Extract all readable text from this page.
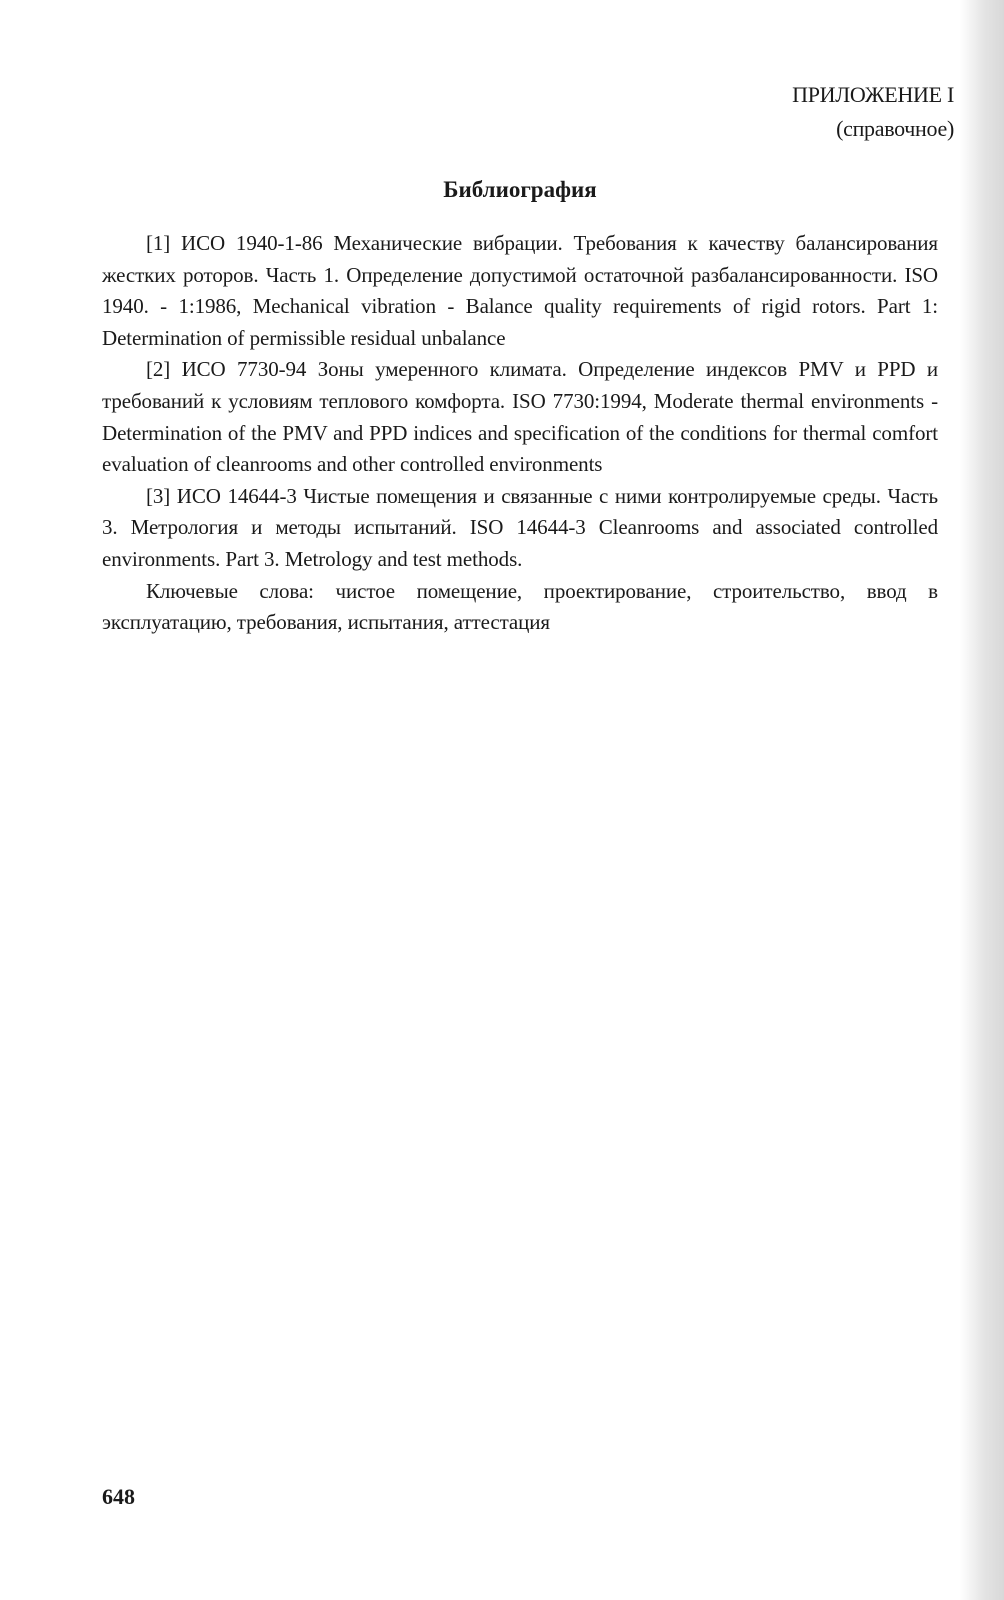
ПРИЛОЖЕНИЕ I
(справочное)
Библиография

[1] ИСО 1940-1-86 Механические вибрации. Требования к качеству балансирования жестких роторов. Часть 1. Определение допустимой остаточной разбалансированности. ISO 1940. - 1:1986, Mechanical vibration - Balance quality requirements of rigid rotors. Part 1: Determination of permissible residual unbalance

[2] ИСО 7730-94 Зоны умеренного климата. Определение индексов PMV и PPD и требований к условиям теплового комфорта. ISO 7730:1994, Moderate thermal environments - Determination of the PMV and PPD indices and specification of the conditions for thermal comfort evaluation of cleanrooms and other controlled environments

[3] ИСО 14644-3 Чистые помещения и связанные с ними контролируемые среды. Часть 3. Метрология и методы испытаний. ISO 14644-3 Cleanrooms and associated controlled environments. Part 3. Metrology and test methods.

Ключевые слова: чистое помещение, проектирование, строительство, ввод в эксплуатацию, требования, испытания, аттестация

648
